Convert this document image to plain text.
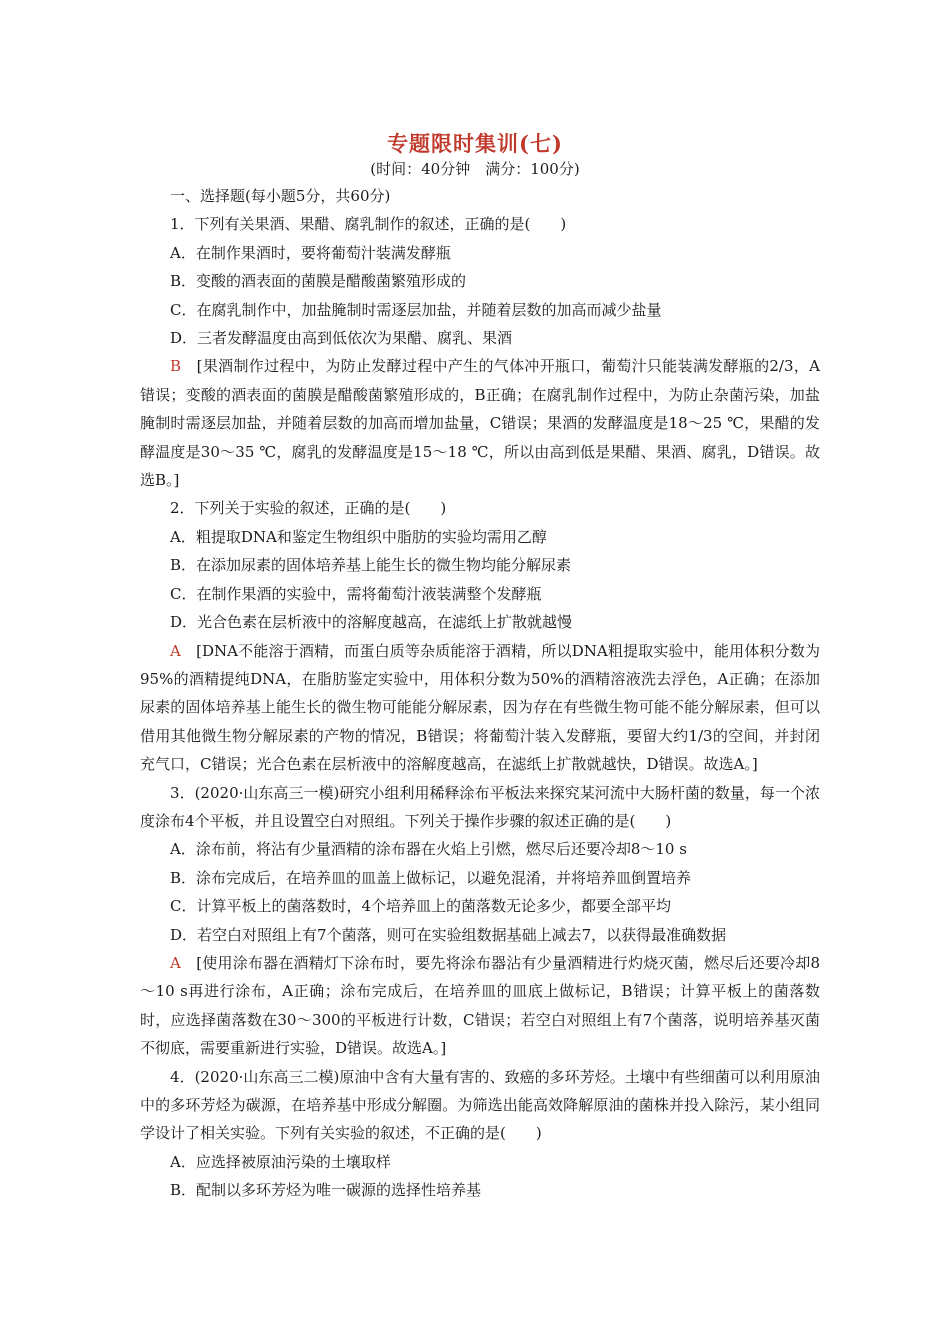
专题限时集训(七)
(时间：40分钟　满分：100分)

一、选择题(每小题5分，共60分)

1．下列有关果酒、果醋、腐乳制作的叙述，正确的是(　　)

A．在制作果酒时，要将葡萄汁装满发酵瓶

B．变酸的酒表面的菌膜是醋酸菌繁殖形成的

C．在腐乳制作中，加盐腌制时需逐层加盐，并随着层数的加高而减少盐量

D．三者发酵温度由高到低依次为果醋、腐乳、果酒

B　[果酒制作过程中，为防止发酵过程中产生的气体冲开瓶口，葡萄汁只能装满发酵瓶的2/3，A错误；变酸的酒表面的菌膜是醋酸菌繁殖形成的，B正确；在腐乳制作过程中，为防止杂菌污染，加盐腌制时需逐层加盐，并随着层数的加高而增加盐量，C错误；果酒的发酵温度是18～25 ℃，果醋的发酵温度是30～35 ℃，腐乳的发酵温度是15～18 ℃，所以由高到低是果醋、果酒、腐乳，D错误。故选B。]

2．下列关于实验的叙述，正确的是(　　)

A．粗提取DNA和鉴定生物组织中脂肪的实验均需用乙醇

B．在添加尿素的固体培养基上能生长的微生物均能分解尿素

C．在制作果酒的实验中，需将葡萄汁液装满整个发酵瓶

D．光合色素在层析液中的溶解度越高，在滤纸上扩散就越慢

A　[DNA不能溶于酒精，而蛋白质等杂质能溶于酒精，所以DNA粗提取实验中，能用体积分数为95%的酒精提纯DNA，在脂肪鉴定实验中，用体积分数为50%的酒精溶液洗去浮色，A正确；在添加尿素的固体培养基上能生长的微生物可能能分解尿素，因为存在有些微生物可能不能分解尿素，但可以借用其他微生物分解尿素的产物的情况，B错误；将葡萄汁装入发酵瓶，要留大约1/3的空间，并封闭充气口，C错误；光合色素在层析液中的溶解度越高，在滤纸上扩散就越快，D错误。故选A。]

3．(2020·山东高三一模)研究小组利用稀释涂布平板法来探究某河流中大肠杆菌的数量，每一个浓度涂布4个平板，并且设置空白对照组。下列关于操作步骤的叙述正确的是(　　)

A．涂布前，将沾有少量酒精的涂布器在火焰上引燃，燃尽后还要冷却8～10 s

B．涂布完成后，在培养皿的皿盖上做标记，以避免混淆，并将培养皿倒置培养

C．计算平板上的菌落数时，4个培养皿上的菌落数无论多少，都要全部平均

D．若空白对照组上有7个菌落，则可在实验组数据基础上减去7，以获得最准确数据

A　[使用涂布器在酒精灯下涂布时，要先将涂布器沾有少量酒精进行灼烧灭菌，燃尽后还要冷却8～10 s再进行涂布，A正确；涂布完成后，在培养皿的皿底上做标记，B错误；计算平板上的菌落数时，应选择菌落数在30～300的平板进行计数，C错误；若空白对照组上有7个菌落，说明培养基灭菌不彻底，需要重新进行实验，D错误。故选A。]

4．(2020·山东高三二模)原油中含有大量有害的、致癌的多环芳烃。土壤中有些细菌可以利用原油中的多环芳烃为碳源，在培养基中形成分解圈。为筛选出能高效降解原油的菌株并投入除污，某小组同学设计了相关实验。下列有关实验的叙述，不正确的是(　　)

A．应选择被原油污染的土壤取样

B．配制以多环芳烃为唯一碳源的选择性培养基
